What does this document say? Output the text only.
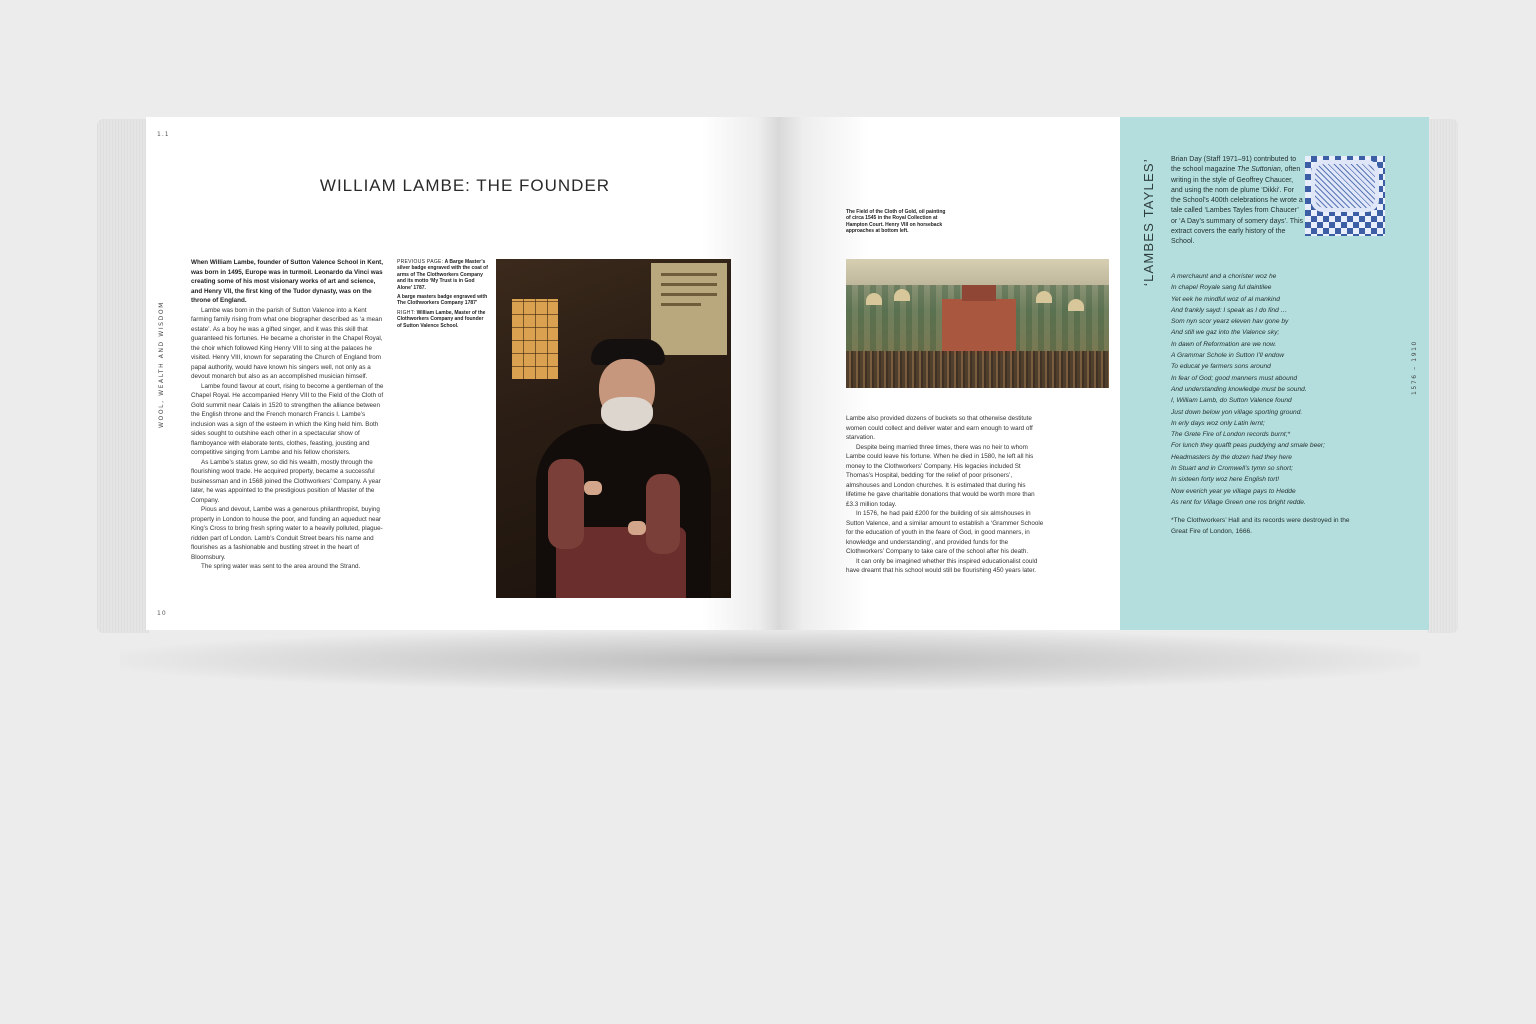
1.1
WOOL, WEALTH AND WISDOM
WILLIAM LAMBE: THE FOUNDER

When William Lambe, founder of Sutton Valence School in Kent, was born in 1495, Europe was in turmoil. Leonardo da Vinci was creating some of his most visionary works of art and science, and Henry VII, the first king of the Tudor dynasty, was on the throne of England.

Lambe was born in the parish of Sutton Valence into a Kent farming family rising from what one biographer described as ‘a mean estate’. As a boy he was a gifted singer, and it was this skill that guaranteed his fortunes. He became a chorister in the Chapel Royal, the choir which followed King Henry VIII to sing at the palaces he visited. Henry VIII, known for separating the Church of England from papal authority, would have known his singers well, not only as a devout monarch but also as an accomplished musician himself.

Lambe found favour at court, rising to become a gentleman of the Chapel Royal. He accompanied Henry VIII to the Field of the Cloth of Gold summit near Calais in 1520 to strengthen the alliance between the English throne and the French monarch Francis I. Lambe’s inclusion was a sign of the esteem in which the King held him. Both sides sought to outshine each other in a spectacular show of flamboyance with elaborate tents, clothes, feasting, jousting and competitive singing from Lambe and his fellow choristers.

As Lambe’s status grew, so did his wealth, mostly through the flourishing wool trade. He acquired property, became a successful businessman and in 1568 joined the Clothworkers’ Company. A year later, he was appointed to the prestigious position of Master of the Company.

Pious and devout, Lambe was a generous philanthropist, buying property in London to house the poor, and funding an aqueduct near King’s Cross to bring fresh spring water to a heavily polluted, plague-ridden part of London. Lamb’s Conduit Street bears his name and flourishes as a fashionable and bustling street in the heart of Bloomsbury.

The spring water was sent to the area around the Strand.

PREVIOUS PAGE: A Barge Master’s silver badge engraved with the coat of arms of The Clothworkers Company and its motto ‘My Trust is in God Alone’ 1787.

A barge masters badge engraved with The Clothworkers Company 1787’

RIGHT: William Lambe, Master of the Clothworkers Company and founder of Sutton Valence School.

10
The Field of the Cloth of Gold, oil painting of circa 1545 in the Royal Collection at Hampton Court. Henry VIII on horseback approaches at bottom left.

Lambe also provided dozens of buckets so that otherwise destitute women could collect and deliver water and earn enough to ward off starvation.

Despite being married three times, there was no heir to whom Lambe could leave his fortune. When he died in 1580, he left all his money to the Clothworkers’ Company. His legacies included St Thomas’s Hospital, bedding ‘for the relief of poor prisoners’, almshouses and London churches. It is estimated that during his lifetime he gave charitable donations that would be worth more than £3.3 million today.

In 1576, he had paid £200 for the building of six almshouses in Sutton Valence, and a similar amount to establish a ‘Grammer Schoole for the education of youth in the feare of God, in good manners, in knowledge and understanding’, and provided funds for the Clothworkers’ Company to take care of the school after his death.

It can only be imagined whether this inspired educationalist could have dreamt that his school would still be flourishing 450 years later.

‘LAMBES TAYLES’
1576 – 1910
Brian Day (Staff 1971–91) contributed to the school magazine The Suttonian, often writing in the style of Geoffrey Chaucer, and using the nom de plume ‘Dikki’. For the School’s 400th celebrations he wrote a tale called ‘Lambes Tayles from Chaucer’ or ‘A Day’s summary of somery days’. This extract covers the early history of the School.
A merchaunt and a chorister woz he
In chapel Royale sang ful daintilee
Yet eek he mindful woz of al mankind
And frankly sayd: I speak as I do find …
Som nyn scor yearz eleven hav gone by
And still we gaz into the Valence sky;
In dawn of Reformation are we now.
A Grammar Schole in Sutton I’ll endow
To educat ye farmers sons around
In fear of God; good manners must abound
And understanding knowledge must be sound.
I, William Lamb, do Sutton Valence found
Just down below yon village sporting ground.
In erly days woz only Latin lernt;
The Grete Fire of London records burnt;*
For lunch they quafft peas puddying and smale beer;
Headmasters by the dozen had they here
In Stuart and in Cromwell’s tymn so short;
In sixteen forty woz here English tort!
Now everich year ye village pays to Hedde
As rent for Village Green one ros bright redde.
*The Clothworkers’ Hall and its records were destroyed in the Great Fire of London, 1666.
